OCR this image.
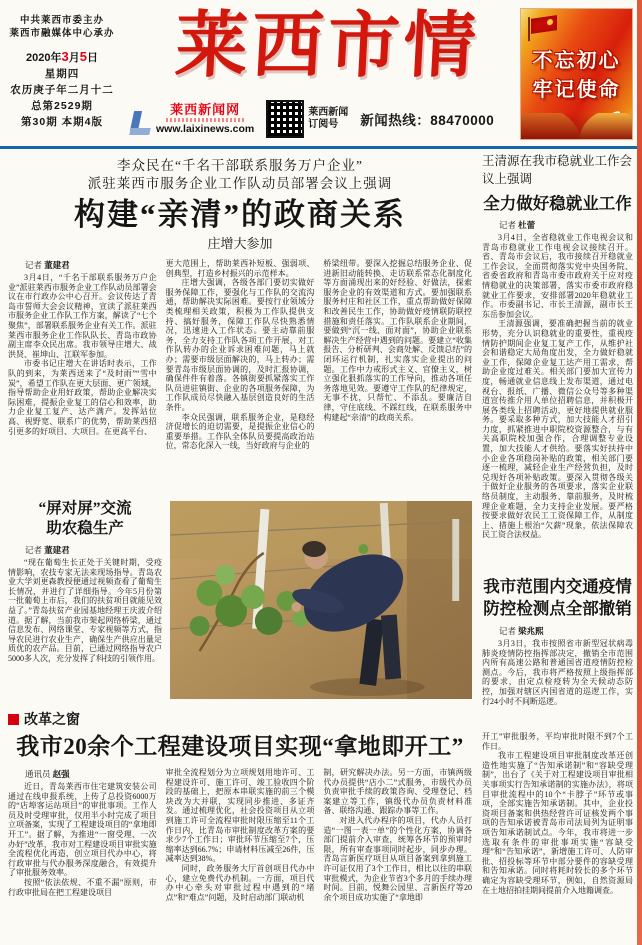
中共莱西市委主办
莱西市融媒体中心承办
2020年3月5日
星期四
农历庚子年二月十二
总第2529期
第30期 本期4版
莱西市情
莱西新闻网
www.laixinews.com
莱西新闻
订阅号	新闻热线：88470000
不忘初心
牢记使命
李众民在“千名干部联系服务万户企业”
派驻莱西市服务企业工作队动员部署会议上强调
构建“亲清”的政商关系
庄增大参加
记者 董建君

3月4日，“千名干部联系服务万户企业”派驻莱西市服务企业工作队动员部署会议在市行政办公中心召开。会议传达了青岛市誓师大会会议精神，宣读了派驻莱西市服务企业工作队工作方案，解读了“七个聚焦”，部署联系服务企业有关工作。派驻莱西市服务企业工作队队长、青岛市政协副主席李众民出席。我市领导庄增大、战洪贤、崔坤山、江联军参加。

市委书记庄增大在讲话时表示，工作队的到来，为莱西送来了“及时雨”“雪中炭”，希望工作队在更大层面、更广领域，指导帮助企业用好政策，帮助企业解决实际困难，提振企业复工的信心和效率，助力企业复工复产、达产满产。发挥站位高、视野宽、联系广的优势，帮助莱西招引更多的好项目、大项目。在更高平台、

更大范围上，帮助莱西补短板、强弱项、创典型，打造乡村振兴的示范样本。

庄增大强调，各级各部门要切实做好服务保障工作，要强化与工作队的交流沟通，帮助解决实际困难。要按行业领域分类梳理相关政策，积极为工作队提供支持、搞好服务，保障工作队尽快熟悉情况，迅速进入工作状态。要主动靠前服务，全力支持工作队各项工作开展，对工作队转办的企业诉求困难问题，马上就办；需要市级层面解决的，马上转办；需要青岛市级层面协调的，及时汇报协调，确保件件有着落。各镇街要抓紧落实工作队员进驻镇街、企业的各项服务保障，为工作队成员尽快融入基层创造良好的生活条件。

李众民强调，联系服务企业，是稳经济促增长的迫切需要，是提振企业信心的重要举措。工作队全体队员要提高政治站位，常态化深入一线，当好政府与企业的

桥梁纽带。要深入挖掘总结服务企业、促进新旧动能转换、走访联系常态化制度化等方面涌现出来的好经验、好做法，探索服务企业的有效渠道和方式。要加强联系服务村庄和社区工作，重点帮助做好保障和改善民生工作，协助做好疫情联防联控措施和责任落实。工作队联系企业期间，要做到“沉一线、面对面”，协助企业联系解决生产经营中遇到的问题。要建立“收集报告、分析研判、会商处解、反馈总结”的闭环运行机制，扎实落实企业提出的问题。工作中力戒形式主义、官僚主义，树立强化狠抓落实的工作导向，推动各项任务落地见效。要遵守工作队的纪律规定，无事不扰，只帮忙、不添乱。要廉洁自律，守住底线、不踩红线，在联系服务中构建起“亲清”的政商关系。

“屏对屏”交流
助农稳生产
记者 董建君

“现在葡萄生长正处于关键时期，受疫情影响，农技专家无法来现场指导。青岛农业大学刘更森教授便通过视频查看了葡萄生长情况，并进行了详细指导。今年5月份第一批葡萄上市后，我们的扶贫项目就能见效益了。”青岛扶贫产业园基地经理王庆波介绍道。据了解，当前我市架起网络桥梁，通过信息发布、网络课堂、专家视频等方式，指导农民进行农业生产，确保生产供应出量足质优的农产品。目前，已通过网络指导农户5000多人次，充分发挥了科技的引领作用。

改革之窗
我市20余个工程建设项目实现“拿地即开工”
通讯员 赵强

近日，青岛莱西市住宅建筑安装公司通过在线申报系统，上传了总投资6000万的“店埠客运站项目”的审批事项。工作人员及时受理审批，仅用半小时完成了项目立项备案，实现了工程建设项目的“拿地即开工”。据了解，为推进“一窗受理、一次办好”改革，我市对工程建设项目审批实施全流程优化再造，创立项目代办中心，将行政审批与代办服务深度融合，有效提升了审批服务效率。

按照“依法依规、不重不漏”原则，市行政审批局在把工程建设项目

审批全流程划分为立项规划用地许可、工程建设许可、施工许可、竣工验收四个阶段的基础上，把原本串联实施的前三个模块改为大并联，实现同步推进、多证齐发。通过梳理优化，社会投资项目从立项到施工许可全流程审批时限压缩至11个工作日内，比青岛市审批制度改革方案的要求少7个工作日；审批环节压缩至7个，压缩率达到66.7%；申请材料压减至26件，压减率达到38%。

同时，政务服务大厅首创项目代办中心，建立免费代办机制。一方面，项目代办中心牵头对审批过程中遇到的“堵点”和“难点”问题，及时启动部门联动机

制，研究解决办法。另一方面，市镇两级代办员提供“店小二”式服务，市级代办员负责审批手续的政策咨询、受理登记、档案建立等工作，镇级代办员负责材料准备、联络沟通、跟踪办事等工作。

对进入代办程序的项目，代办人员打造“一图一表一单”的个性化方案，协调各部门提前介入审查，统筹各环节的预审时限，所有审查事项同时起步，同步办理。青岛言新医疗项目从项目备案到拿到施工许可证仅用了3个工作日，相比以往的串联审批模式，为企业节省3个多月的手续办理时间。目前，悦舞公园里、言新医疗等20余个项目成功实施了“拿地即

王清源在我市稳就业工作会议上强调
全力做好稳就业工作
记者 杜蕾

3月4日，全省稳就业工作电视会议和青岛市稳就业工作电视会议接续召开。省、青岛市会议后，我市接续召开稳就业工作会议，全面贯彻落实党中央国务院、省委省政府和青岛市委市政府关于应对疫情稳就业的决策部署，落实市委市政府稳就业工作要求，安排部署2020年稳就业工作。市委副书记、市长王清源，副市长王东岳参加会议。

王清源强调，要准确把握当前的就业形势，充分认识稳就业的重要性，重视疫情防护期间企业复工复产工作，从维护社会和谐稳定大局角度出发，全力做好稳就业工作，保障企业复工达产用工需求，帮助企业度过难关。相关部门要加大宣传力度，畅通就业信息线上发布渠道，通过电视台、报纸、广播、微信公众号等多种渠道宣传推介用人单位招聘信息，并积极开展各类线上招聘活动，更好地提供就业服务。要采取多种方式，加大技能人才招引力度，抓紧推进中职院校资源整合，与有关高职院校加强合作，合理调整专业设置，加大技能人才供给。要落实好扶持中小企业各项稳岗补贴的政策，相关部门要逐一梳理，减轻企业生产经营负担，及时兑现好各项补贴政策。要深入贯彻各级关于做好企业服务的各项要求，落实企业联络员制度，主动服务、靠前服务，及时梳理企业难题，全力支持企业发展。要严格按要求做好农民工工资保障工作，从制度上、措施上根治“欠薪”现象，依法保障农民工资合法权益。

我市范围内交通疫情
防控检测点全部撤销
记者 梁兆熙

3月3日，我市按照省市新型冠状病毒肺炎疫情防控指挥部决定，撤销全市范围内所有高速公路和普通国省道疫情防控检测点。今后，我市将严格按照上级指挥部的要求，由定点检疫转为全天候动态防控，加强对辖区内国省道的巡逻工作，实行24小时不间断巡逻。

开工”审批服务，平均审批时限不到7个工作日。

我市工程建设项目审批制度改革还创造性地实施了“告知承诺制”和“容缺受理制”，出台了《关于对工程建设项目审批相关事项实行告知承诺制的实施办法》，将项目审批流程中的10个“卡脖子”环节或事项，全部实施告知承诺制。其中，企业投资项目备案和供热经营许可证核发两个事项的告知承诺被青岛市司法局列为证明事项告知承诺制试点。今年，我市将进一步选取有条件的审批事项实施“容缺受理”和“告知承诺”，新增施工许可、人防审批、招投标等环节中部分要件的容缺受理和告知承诺。同时将耗时较长的多个环节确定为容缺受理环节，例如，自然资源局在土地招拍挂期间提前介入地籍调查。
